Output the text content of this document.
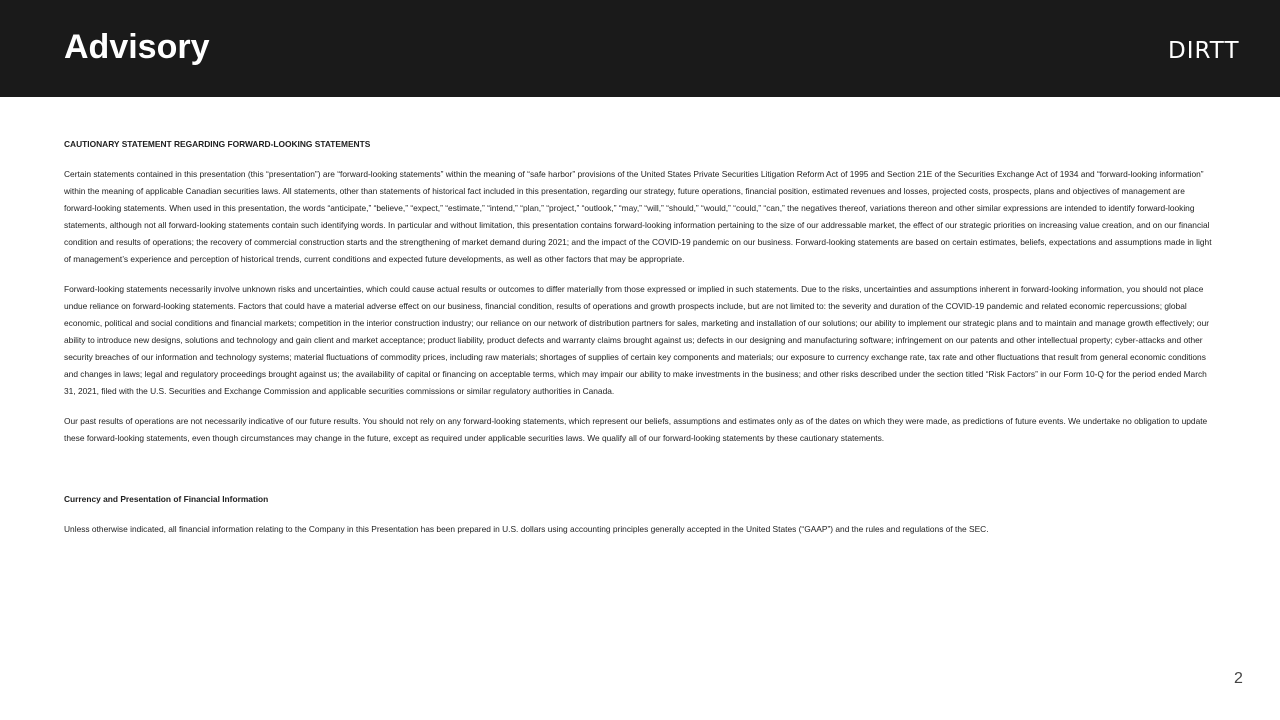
Advisory	DIRTT

CAUTIONARY STATEMENT REGARDING FORWARD-LOOKING STATEMENTS

Certain statements contained in this presentation (this “presentation”) are “forward-looking statements” within the meaning of “safe harbor” provisions of the United States Private Securities Litigation Reform Act of 1995 and Section 21E of the Securities Exchange Act of 1934 and “forward-looking information” within the meaning of applicable Canadian securities laws. All statements, other than statements of historical fact included in this presentation, regarding our strategy, future operations, financial position, estimated revenues and losses, projected costs, prospects, plans and objectives of management are forward-looking statements. When used in this presentation, the words “anticipate,” “believe,” “expect,” “estimate,” “intend,” “plan,” “project,” “outlook,” “may,” “will,” “should,” “would,” “could,” “can,” the negatives thereof, variations thereon and other similar expressions are intended to identify forward-looking statements, although not all forward-looking statements contain such identifying words. In particular and without limitation, this presentation contains forward-looking information pertaining to the size of our addressable market, the effect of our strategic priorities on increasing value creation, and on our financial condition and results of operations; the recovery of commercial construction starts and the strengthening of market demand during 2021; and the impact of the COVID-19 pandemic on our business. Forward-looking statements are based on certain estimates, beliefs, expectations and assumptions made in light of management’s experience and perception of historical trends, current conditions and expected future developments, as well as other factors that may be appropriate.

Forward-looking statements necessarily involve unknown risks and uncertainties, which could cause actual results or outcomes to differ materially from those expressed or implied in such statements. Due to the risks, uncertainties and assumptions inherent in forward-looking information, you should not place undue reliance on forward-looking statements. Factors that could have a material adverse effect on our business, financial condition, results of operations and growth prospects include, but are not limited to: the severity and duration of the COVID-19 pandemic and related economic repercussions; global economic, political and social conditions and financial markets; competition in the interior construction industry; our reliance on our network of distribution partners for sales, marketing and installation of our solutions; our ability to implement our strategic plans and to maintain and manage growth effectively; our ability to introduce new designs, solutions and technology and gain client and market acceptance; product liability, product defects and warranty claims brought against us; defects in our designing and manufacturing software; infringement on our patents and other intellectual property; cyber-attacks and other security breaches of our information and technology systems; material fluctuations of commodity prices, including raw materials; shortages of supplies of certain key components and materials; our exposure to currency exchange rate, tax rate and other fluctuations that result from general economic conditions and changes in laws; legal and regulatory proceedings brought against us; the availability of capital or financing on acceptable terms, which may impair our ability to make investments in the business; and other risks described under the section titled “Risk Factors” in our Form 10-Q for the period ended March 31, 2021, filed with the U.S. Securities and Exchange Commission and applicable securities commissions or similar regulatory authorities in Canada.

Our past results of operations are not necessarily indicative of our future results. You should not rely on any forward-looking statements, which represent our beliefs, assumptions and estimates only as of the dates on which they were made, as predictions of future events. We undertake no obligation to update these forward-looking statements, even though circumstances may change in the future, except as required under applicable securities laws. We qualify all of our forward-looking statements by these cautionary statements.

Currency and Presentation of Financial Information

Unless otherwise indicated, all financial information relating to the Company in this Presentation has been prepared in U.S. dollars using accounting principles generally accepted in the United States (“GAAP”) and the rules and regulations of the SEC.

2
